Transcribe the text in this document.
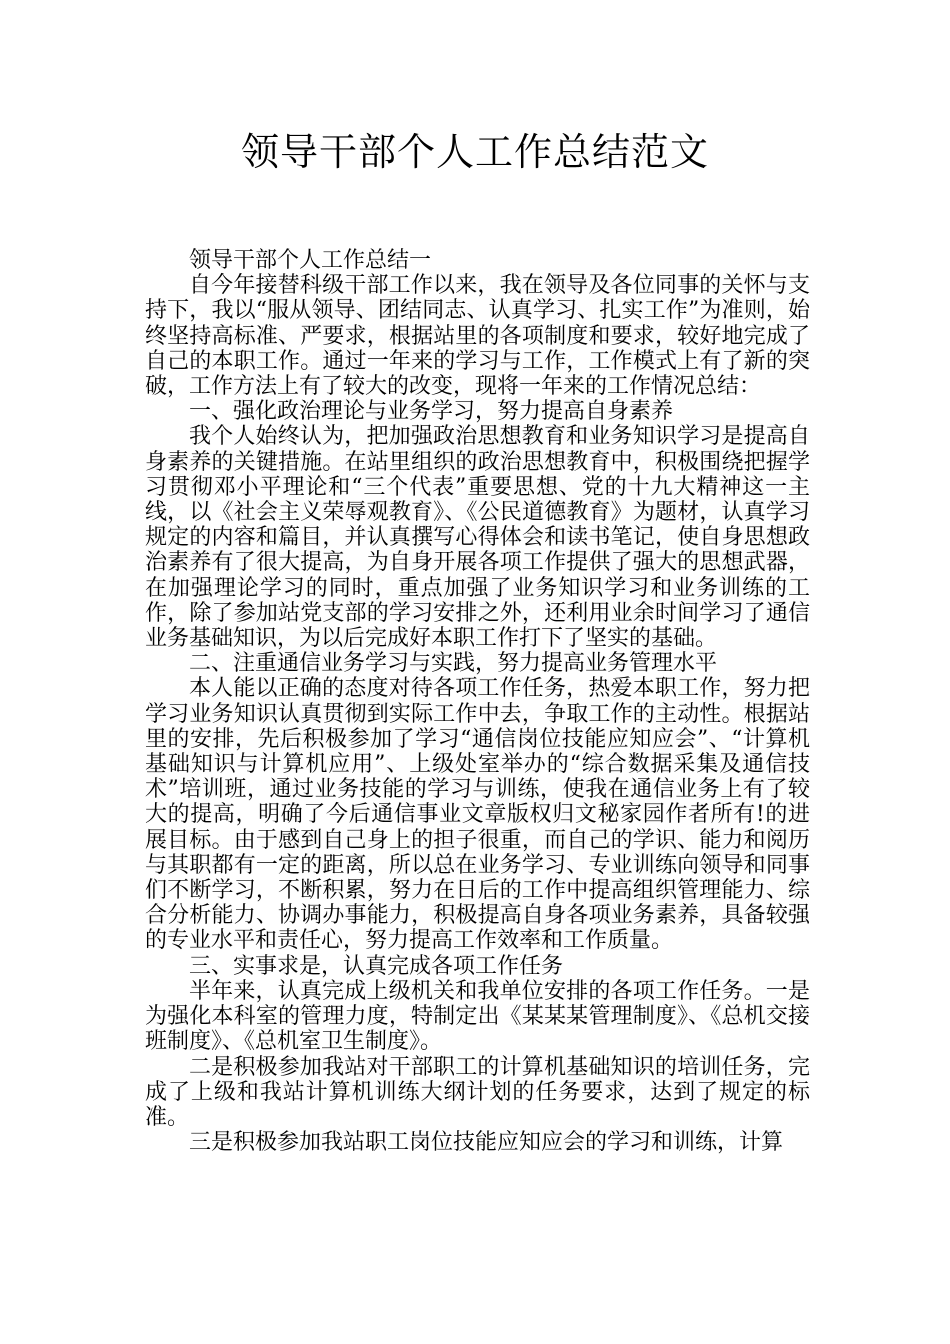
领导干部个人工作总结范文

领导干部个人工作总结一

自今年接替科级干部工作以来，我在领导及各位同事的关怀与支持下，我以“服从领导、团结同志、认真学习、扎实工作”为准则，始终坚持高标准、严要求，根据站里的各项制度和要求，较好地完成了自己的本职工作。通过一年来的学习与工作，工作模式上有了新的突破，工作方法上有了较大的改变，现将一年来的工作情况总结：

一、强化政治理论与业务学习，努力提高自身素养

我个人始终认为，把加强政治思想教育和业务知识学习是提高自身素养的关键措施。在站里组织的政治思想教育中，积极围绕把握学习贯彻邓小平理论和“三个代表”重要思想、党的十九大精神这一主线，以《社会主义荣辱观教育》、《公民道德教育》为题材，认真学习规定的内容和篇目，并认真撰写心得体会和读书笔记，使自身思想政治素养有了很大提高，为自身开展各项工作提供了强大的思想武器，在加强理论学习的同时，重点加强了业务知识学习和业务训练的工作，除了参加站党支部的学习安排之外，还利用业余时间学习了通信业务基础知识，为以后完成好本职工作打下了坚实的基础。

二、注重通信业务学习与实践，努力提高业务管理水平

本人能以正确的态度对待各项工作任务，热爱本职工作，努力把学习业务知识认真贯彻到实际工作中去，争取工作的主动性。根据站里的安排，先后积极参加了学习“通信岗位技能应知应会”、“计算机基础知识与计算机应用”、上级处室举办的“综合数据采集及通信技术”培训班，通过业务技能的学习与训练，使我在通信业务上有了较大的提高，明确了今后通信事业文章版权归文秘家园作者所有!的进展目标。由于感到自己身上的担子很重，而自己的学识、能力和阅历与其职都有一定的距离，所以总在业务学习、专业训练向领导和同事们不断学习，不断积累，努力在日后的工作中提高组织管理能力、综合分析能力、协调办事能力，积极提高自身各项业务素养，具备较强的专业水平和责任心，努力提高工作效率和工作质量。

三、实事求是，认真完成各项工作任务

半年来，认真完成上级机关和我单位安排的各项工作任务。一是为强化本科室的管理力度，特制定出《某某某管理制度》、《总机交接班制度》、《总机室卫生制度》。

二是积极参加我站对干部职工的计算机基础知识的培训任务，完成了上级和我站计算机训练大纲计划的任务要求，达到了规定的标准。

三是积极参加我站职工岗位技能应知应会的学习和训练，计算
